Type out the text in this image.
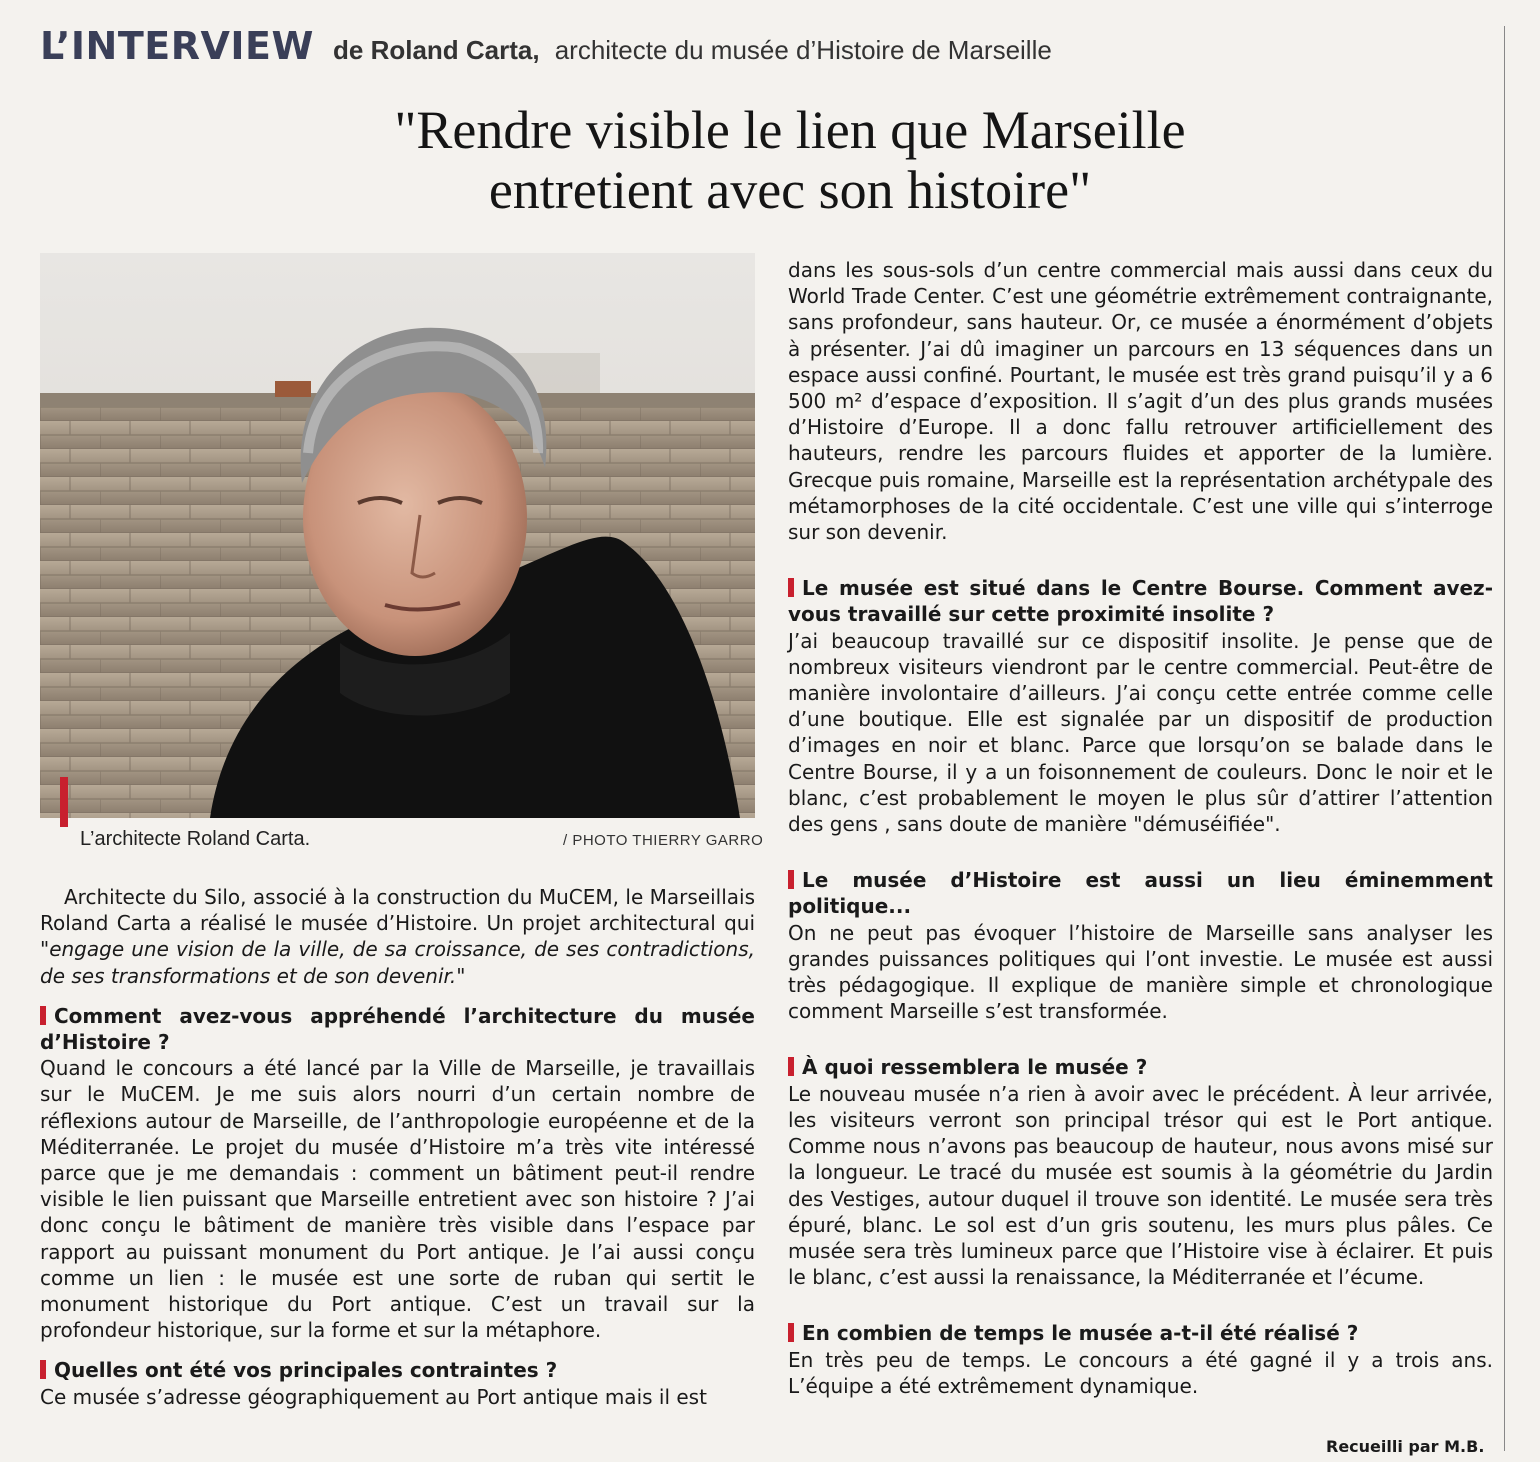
L’INTERVIEW de Roland Carta, architecte du musée d’Histoire de Marseille
"Rendre visible le lien que Marseille
entretient avec son histoire"
L’architecte Roland Carta.	/ PHOTO THIERRY GARRO

Architecte du Silo, associé à la construction du MuCEM, le Marseillais Roland Carta a réalisé le musée d’Histoire. Un projet architectural qui "engage une vision de la ville, de sa croissance, de ses contradictions, de ses transformations et de son devenir."

Comment avez-vous appréhendé l’architecture du musée d’Histoire ?

Quand le concours a été lancé par la Ville de Marseille, je travaillais sur le MuCEM. Je me suis alors nourri d’un certain nombre de réflexions autour de Marseille, de l’anthropologie européenne et de la Méditerranée. Le projet du musée d’Histoire m’a très vite intéressé parce que je me demandais : comment un bâtiment peut-il rendre visible le lien puissant que Marseille entretient avec son histoire ? J’ai donc conçu le bâtiment de manière très visible dans l’espace par rapport au puissant monument du Port antique. Je l’ai aussi conçu comme un lien : le musée est une sorte de ruban qui sertit le monument historique du Port antique. C’est un travail sur la profondeur historique, sur la forme et sur la métaphore.

Quelles ont été vos principales contraintes ?

Ce musée s’adresse géographiquement au Port antique mais il est

dans les sous-sols d’un centre commercial mais aussi dans ceux du World Trade Center. C’est une géométrie extrêmement contraignante, sans profondeur, sans hauteur. Or, ce musée a énormément d’objets à présenter. J’ai dû imaginer un parcours en 13 séquences dans un espace aussi confiné. Pourtant, le musée est très grand puisqu’il y a 6 500 m² d’espace d’exposition. Il s’agit d’un des plus grands musées d’Histoire d’Europe. Il a donc fallu retrouver artificiellement des hauteurs, rendre les parcours fluides et apporter de la lumière. Grecque puis romaine, Marseille est la représentation archétypale des métamorphoses de la cité occidentale. C’est une ville qui s’interroge sur son devenir.

Le musée est situé dans le Centre Bourse. Comment avez-vous travaillé sur cette proximité insolite ?

J’ai beaucoup travaillé sur ce dispositif insolite. Je pense que de nombreux visiteurs viendront par le centre commercial. Peut-être de manière involontaire d’ailleurs. J’ai conçu cette entrée comme celle d’une boutique. Elle est signalée par un dispositif de production d’images en noir et blanc. Parce que lorsqu’on se balade dans le Centre Bourse, il y a un foisonnement de couleurs. Donc le noir et le blanc, c’est probablement le moyen le plus sûr d’attirer l’attention des gens , sans doute de manière "démuséifiée".

Le musée d’Histoire est aussi un lieu éminemment politique...

On ne peut pas évoquer l’histoire de Marseille sans analyser les grandes puissances politiques qui l’ont investie. Le musée est aussi très pédagogique. Il explique de manière simple et chronologique comment Marseille s’est transformée.

À quoi ressemblera le musée ?

Le nouveau musée n’a rien à avoir avec le précédent. À leur arrivée, les visiteurs verront son principal trésor qui est le Port antique. Comme nous n’avons pas beaucoup de hauteur, nous avons misé sur la longueur. Le tracé du musée est soumis à la géométrie du Jardin des Vestiges, autour duquel il trouve son identité. Le musée sera très épuré, blanc. Le sol est d’un gris soutenu, les murs plus pâles. Ce musée sera très lumineux parce que l’Histoire vise à éclairer. Et puis le blanc, c’est aussi la renaissance, la Méditerranée et l’écume.

En combien de temps le musée a-t-il été réalisé ?

En très peu de temps. Le concours a été gagné il y a trois ans. L’équipe a été extrêmement dynamique.

Recueilli par M.B.
